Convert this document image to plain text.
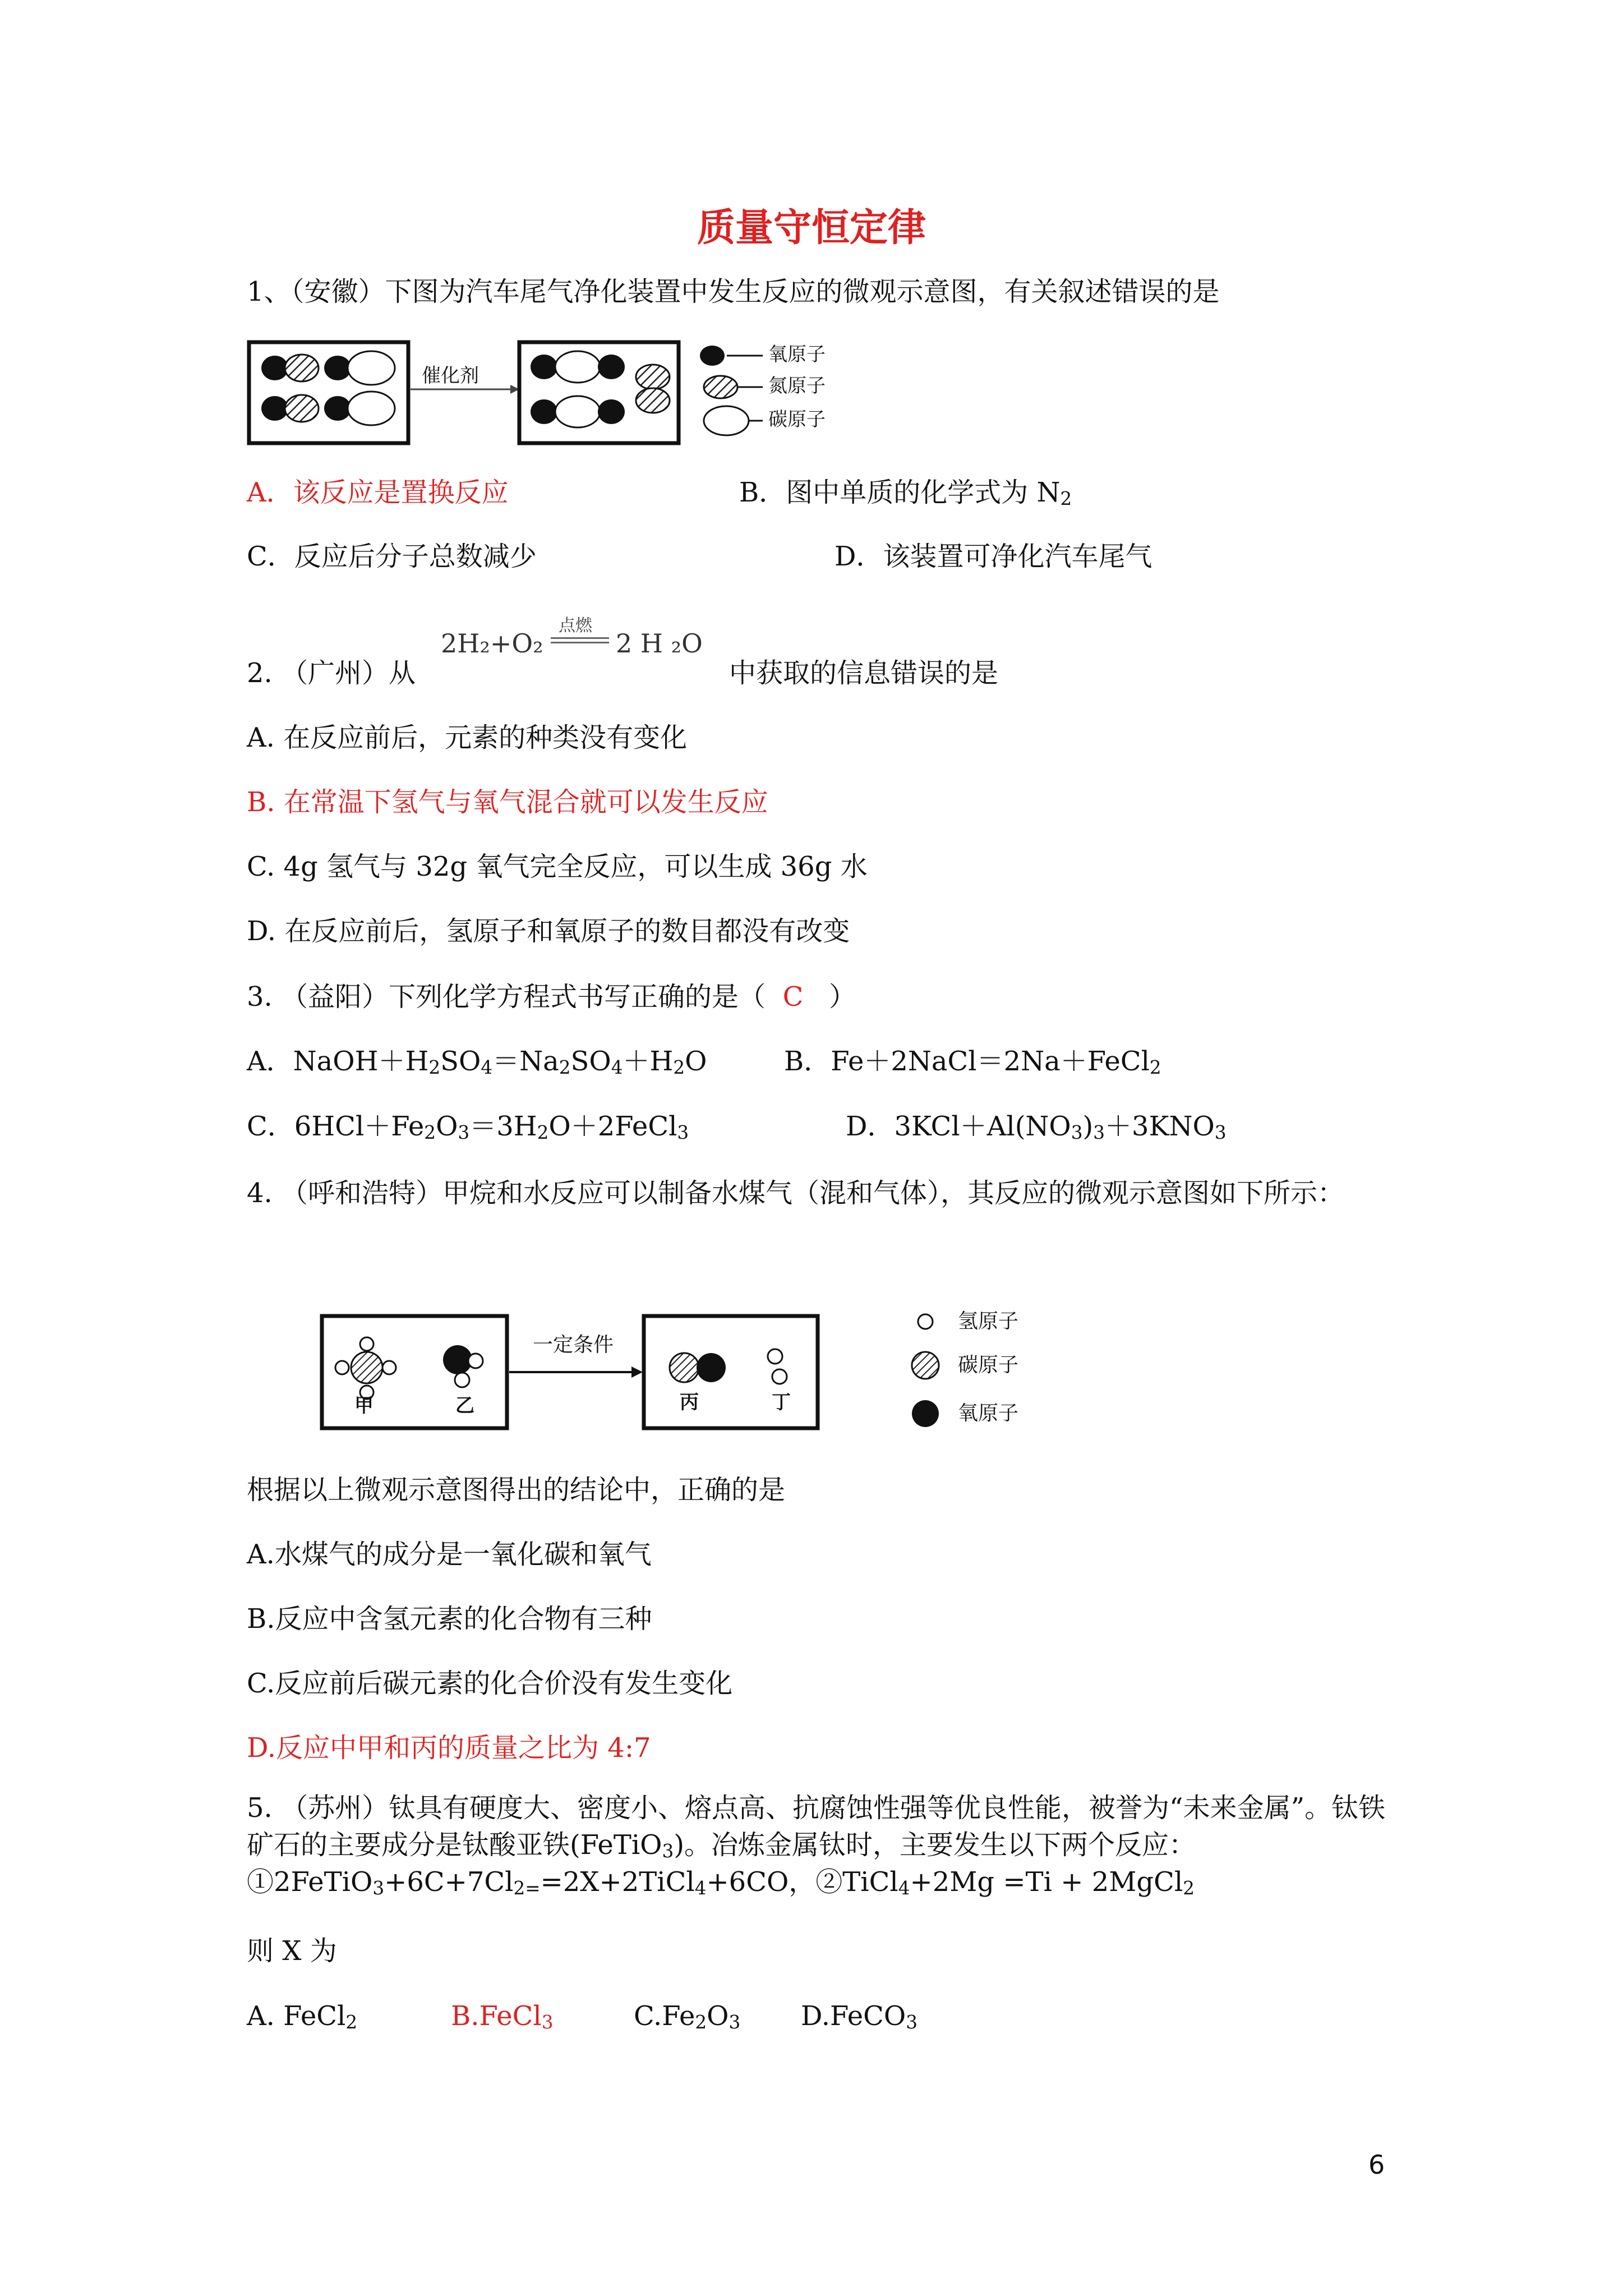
质量守恒定律
1、（安徽）下图为汽车尾气净化装置中发生反应的微观示意图，有关叙述错误的是
催化剂
氧原子
氮原子
碳原子
A．该反应是置换反应	B．图中单质的化学式为 $N_2$
C．反应后分子总数减少	D．该装置可净化汽车尾气
2. （广州）从
点燃
2H₂+O₂	2 H ₂O
中获取的信息错误的是
A. 在反应前后，元素的种类没有变化
B. 在常温下氢气与氧气混合就可以发生反应
C. 4g 氢气与 32g 氧气完全反应，可以生成 36g 水
D. 在反应前后，氢原子和氧原子的数目都没有改变
3. （益阳）下列化学方程式书写正确的是（ C ）
A．$NaOH+H_2SO_4=Na_2SO_4+H_2O$	B．Fe＋2NaCl＝2Na＋FeCl$_2$
C．$6HCl+Fe_2O_3=3H_2O+2FeCl_3$	D．$3KCl+Al(NO_3)_3+3KNO_3$
4. （呼和浩特）甲烷和水反应可以制备水煤气（混和气体），其反应的微观示意图如下所示：
一定条件
甲	乙	丙	丁
氢原子
碳原子
氧原子
根据以上微观示意图得出的结论中，正确的是
A.水煤气的成分是一氧化碳和氧气
B.反应中含氢元素的化合物有三种
C.反应前后碳元素的化合价没有发生变化
D.反应中甲和丙的质量之比为 4:7
5. （苏州）钛具有硬度大、密度小、熔点高、抗腐蚀性强等优良性能，被誉为“未来金属”。钛铁矿石的主要成分是钛酸亚铁(FeTiO$_3$)。冶炼金属钛时，主要发生以下两个反应：$①2FeTiO_3+6C+7Cl_{2=}=2X+2TiCl_4+6CO$，②TiCl$_4$+2Mg =Ti + 2MgCl$_2$
则 X 为
A. FeCl$_2$	B.FeCl$_3$	$C.Fe_2O_3$ D.FeCO$_3$
6
